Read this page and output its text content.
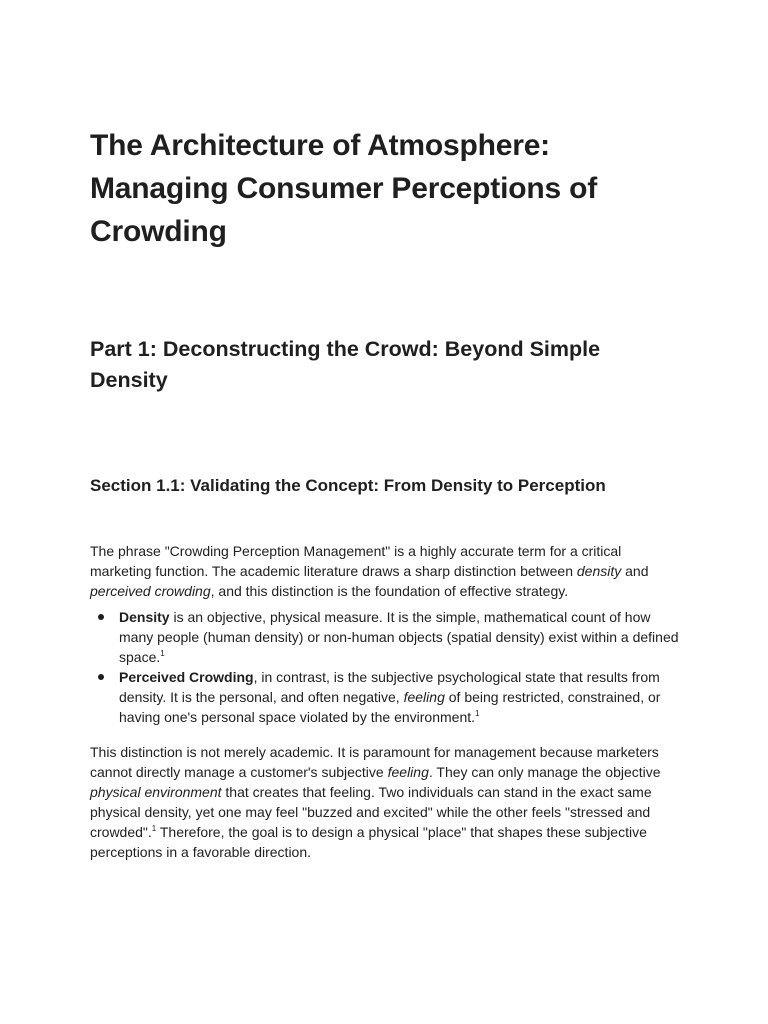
The Architecture of Atmosphere: Managing Consumer Perceptions of Crowding
Part 1: Deconstructing the Crowd: Beyond Simple Density
Section 1.1: Validating the Concept: From Density to Perception

The phrase "Crowding Perception Management" is a highly accurate term for a critical marketing function. The academic literature draws a sharp distinction between density and perceived crowding, and this distinction is the foundation of effective strategy.

Density is an objective, physical measure. It is the simple, mathematical count of how many people (human density) or non-human objects (spatial density) exist within a defined space.$^1$
Perceived Crowding, in contrast, is the subjective psychological state that results from density. It is the personal, and often negative, feeling of being restricted, constrained, or having one's personal space violated by the environment.$^1$

This distinction is not merely academic. It is paramount for management because marketers cannot directly manage a customer's subjective feeling. They can only manage the objective physical environment that creates that feeling. Two individuals can stand in the exact same physical density, yet one may feel "buzzed and excited" while the other feels "stressed and crowded".$^1$ Therefore, the goal is to design a physical "place" that shapes these subjective perceptions in a favorable direction.
